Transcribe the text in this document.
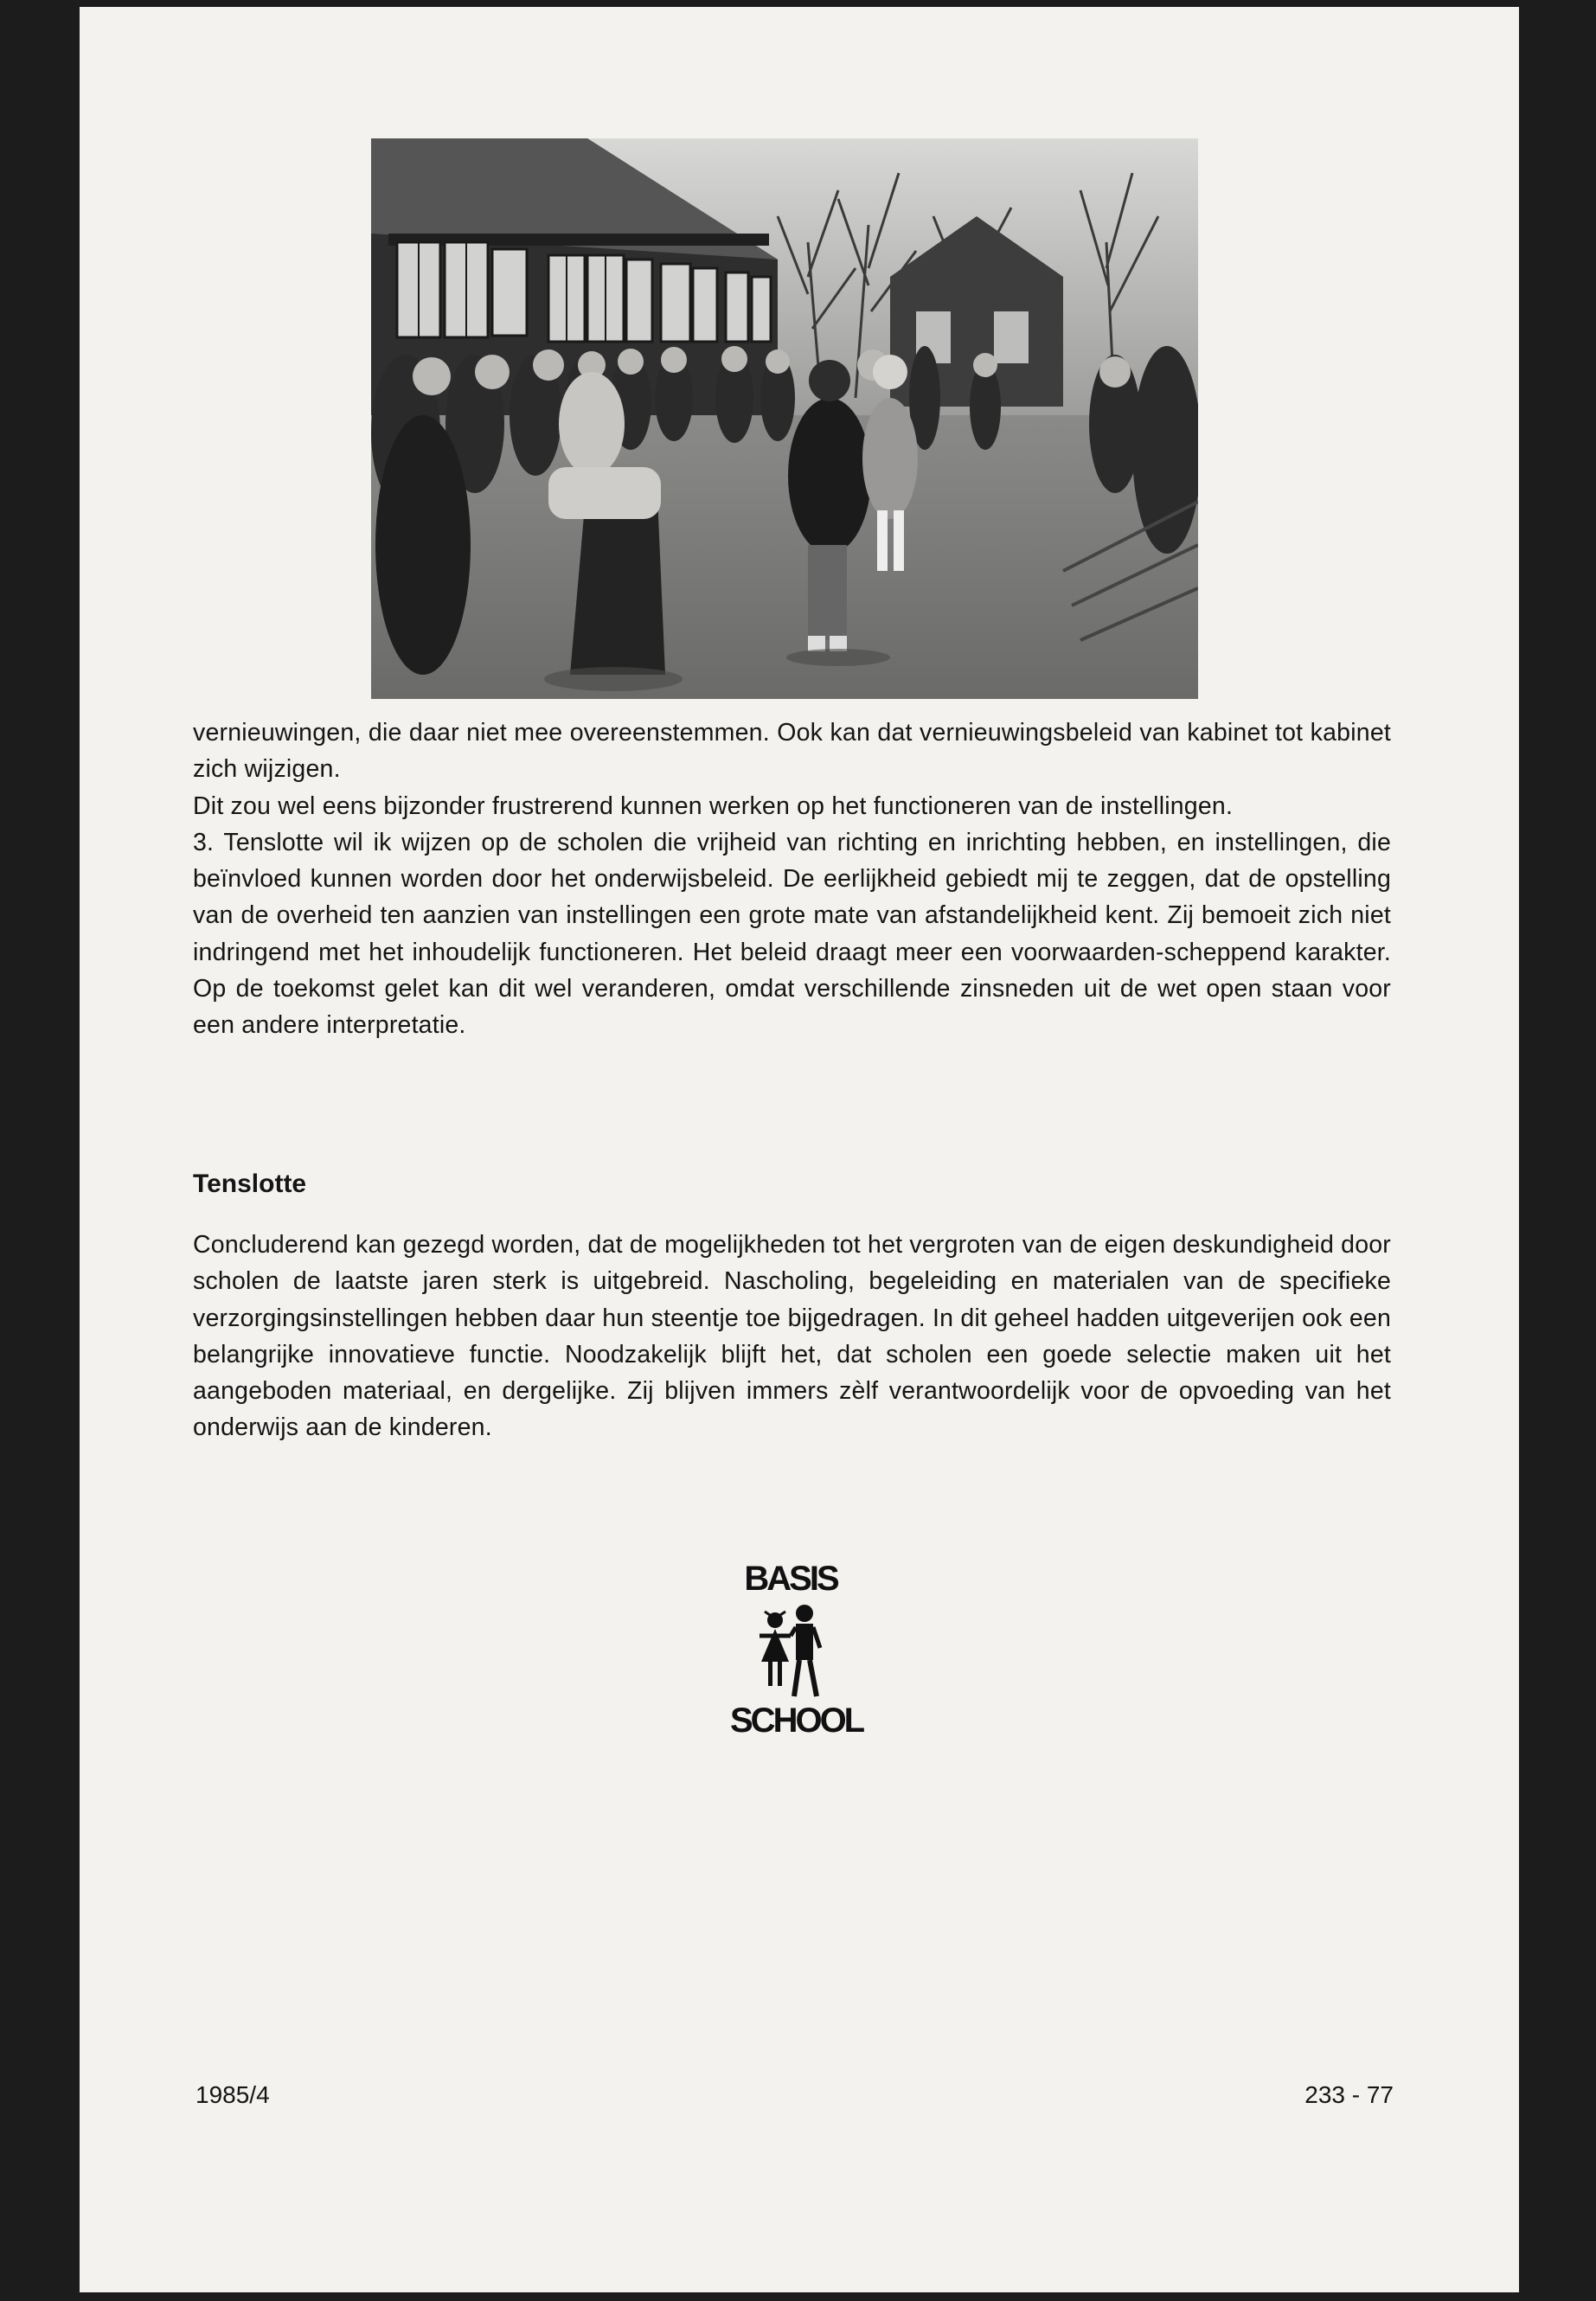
vernieuwingen, die daar niet mee overeenstemmen. Ook kan dat vernieuwingsbeleid van kabinet tot kabinet zich wijzigen.

Dit zou wel eens bijzonder frustrerend kunnen werken op het functioneren van de instellingen.

3. Tenslotte wil ik wijzen op de scholen die vrijheid van richting en inrichting hebben, en instellingen, die beïnvloed kunnen worden door het onderwijsbeleid. De eerlijkheid gebiedt mij te zeggen, dat de opstelling van de overheid ten aanzien van instellingen een grote mate van afstandelijkheid kent. Zij bemoeit zich niet indringend met het inhoudelijk functioneren. Het beleid draagt meer een voorwaarden-scheppend karakter. Op de toekomst gelet kan dit wel veranderen, omdat verschillende zinsneden uit de wet open staan voor een andere interpretatie.

Tenslotte

Concluderend kan gezegd worden, dat de mogelijkheden tot het vergroten van de eigen deskundigheid door scholen de laatste jaren sterk is uitgebreid. Nascholing, begeleiding en materialen van de specifieke verzorgingsinstellingen hebben daar hun steentje toe bijgedragen. In dit geheel hadden uitgeverijen ook een belangrijke innovatieve functie. Noodzakelijk blijft het, dat scholen een goede selectie maken uit het aangeboden materiaal, en dergelijke. Zij blijven immers zèlf verantwoordelijk voor de opvoeding van het onderwijs aan de kinderen.

BASIS
SCHOOL
1985/4	233 - 77
